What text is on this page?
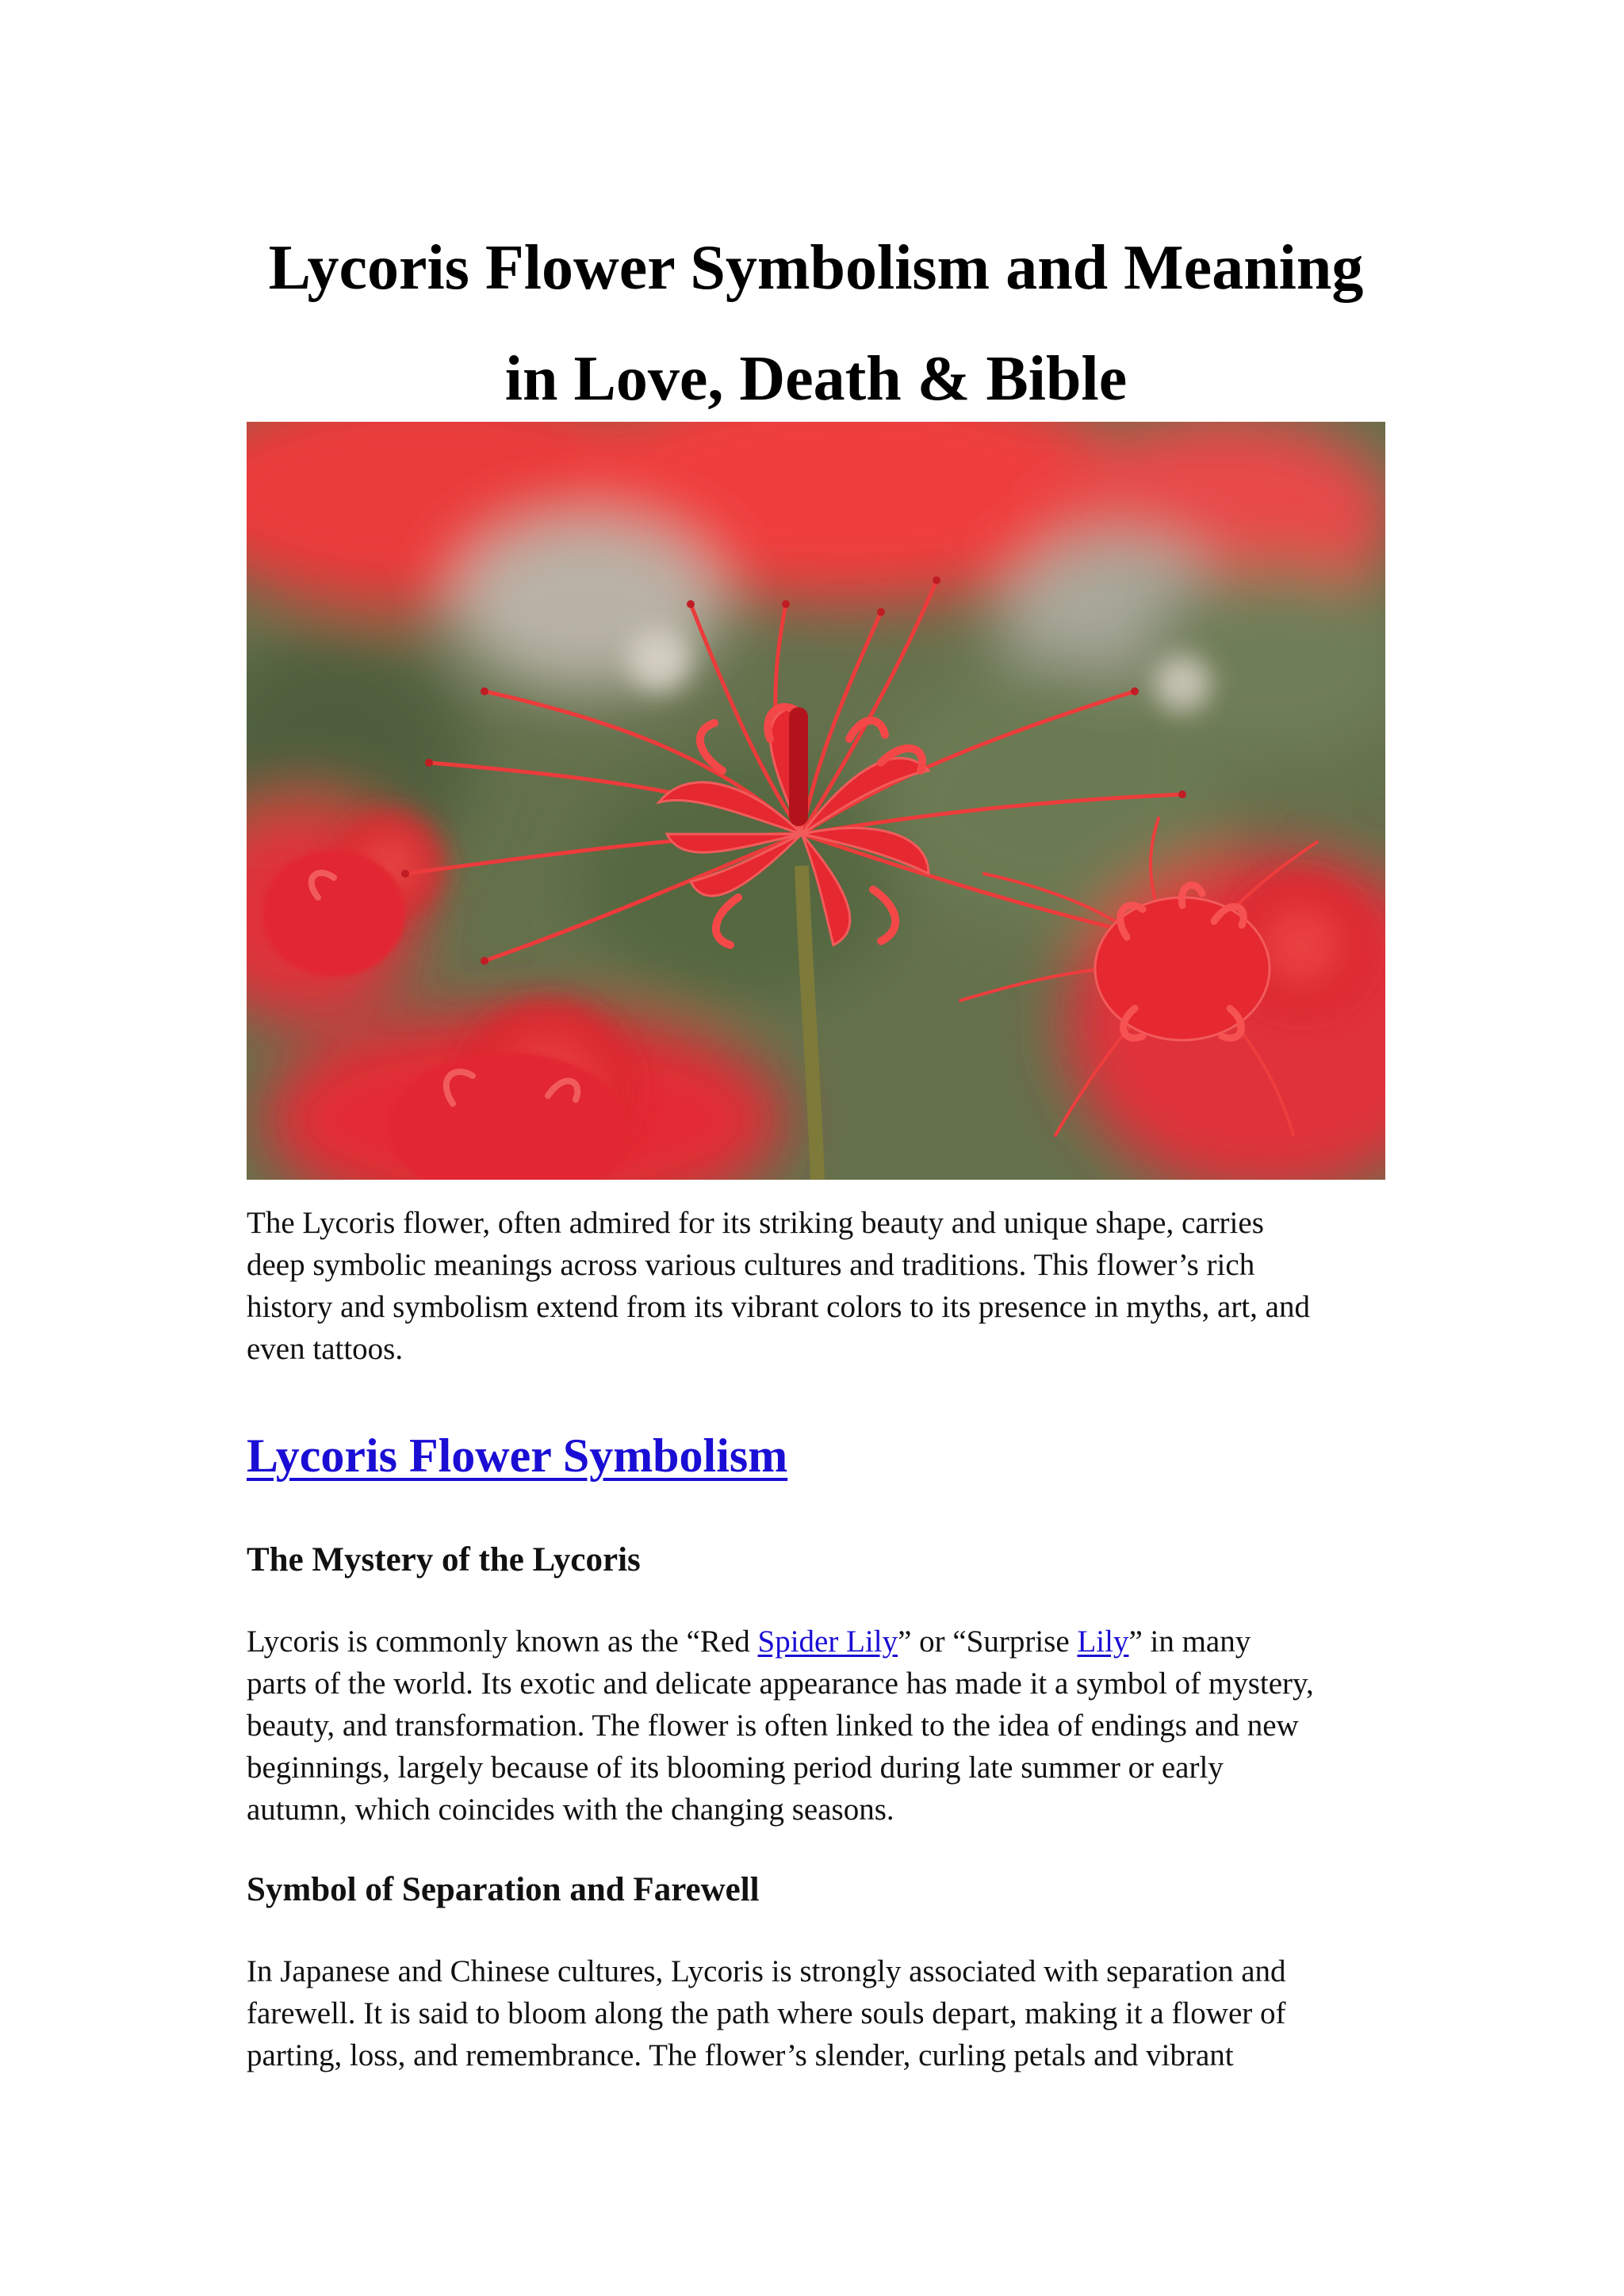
Lycoris Flower Symbolism and Meaning
in Love, Death & Bible

The Lycoris flower, often admired for its striking beauty and unique shape, carries
deep symbolic meanings across various cultures and traditions. This flower’s rich
history and symbolism extend from its vibrant colors to its presence in myths, art, and
even tattoos.

Lycoris Flower Symbolism
The Mystery of the Lycoris

Lycoris is commonly known as the “Red Spider Lily” or “Surprise Lily” in many
parts of the world. Its exotic and delicate appearance has made it a symbol of mystery,
beauty, and transformation. The flower is often linked to the idea of endings and new
beginnings, largely because of its blooming period during late summer or early
autumn, which coincides with the changing seasons.

Symbol of Separation and Farewell

In Japanese and Chinese cultures, Lycoris is strongly associated with separation and
farewell. It is said to bloom along the path where souls depart, making it a flower of
parting, loss, and remembrance. The flower’s slender, curling petals and vibrant
